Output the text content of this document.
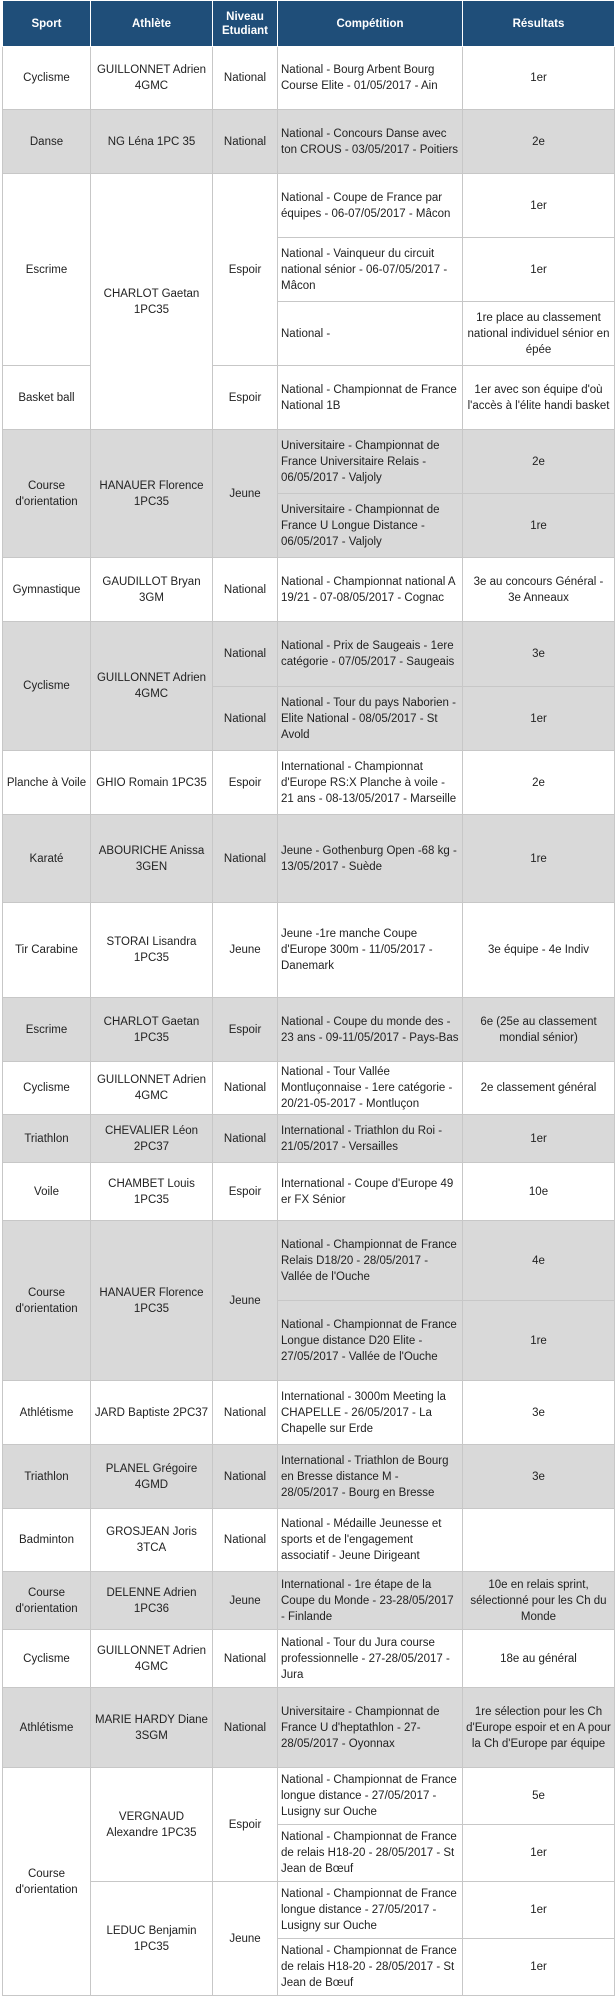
Sport	Athlète	Niveau Etudiant	Compétition	Résultats
Cyclisme	GUILLONNET Adrien 4GMC	National	National - Bourg Arbent Bourg Course Elite - 01/05/2017 - Ain	1er
Danse	NG Léna 1PC 35	National	National - Concours Danse avec ton CROUS - 03/05/2017 - Poitiers	2e
Escrime	CHARLOT Gaetan 1PC35	Espoir	National - Coupe de France par équipes - 06-07/05/2017 - Mâcon	1er
			National - Vainqueur du circuit national sénior - 06-07/05/2017 - Mâcon	1er
			National -	1re place au classement national individuel sénior en épée
Basket ball		Espoir	National - Championnat de France National 1B	1er avec son équipe d'où l'accès à l'élite handi basket
Course d'orientation	HANAUER Florence 1PC35	Jeune	Universitaire - Championnat de France Universitaire Relais - 06/05/2017 - Valjoly	2e
			Universitaire - Championnat de France U Longue Distance - 06/05/2017 - Valjoly	1re
Gymnastique	GAUDILLOT Bryan 3GM	National	National - Championnat national A 19/21 - 07-08/05/2017 - Cognac	3e au concours Général - 3e Anneaux
Cyclisme	GUILLONNET Adrien 4GMC	National	National - Prix de Saugeais - 1ere catégorie - 07/05/2017 - Saugeais	3e
		National	National - Tour du pays Naborien - Elite National - 08/05/2017 - St Avold	1er
Planche à Voile	GHIO Romain 1PC35	Espoir	International - Championnat d'Europe RS:X Planche à voile - 21 ans - 08-13/05/2017 - Marseille	2e
Karaté	ABOURICHE Anissa 3GEN	National	Jeune - Gothenburg Open -68 kg - 13/05/2017 - Suède	1re
Tir Carabine	STORAI Lisandra 1PC35	Jeune	Jeune -1re manche Coupe d'Europe 300m - 11/05/2017 - Danemark	3e équipe - 4e Indiv
Escrime	CHARLOT Gaetan 1PC35	Espoir	National - Coupe du monde des - 23 ans - 09-11/05/2017 - Pays-Bas	6e (25e au classement mondial sénior)
Cyclisme	GUILLONNET Adrien 4GMC	National	National - Tour Vallée Montluçonnaise - 1ere catégorie - 20/21-05-2017 - Montluçon	2e classement général
Triathlon	CHEVALIER Léon 2PC37	National	International - Triathlon du Roi - 21/05/2017 - Versailles	1er
Voile	CHAMBET Louis 1PC35	Espoir	International - Coupe d'Europe 49 er FX Sénior	10e
Course d'orientation	HANAUER Florence 1PC35	Jeune	National - Championnat de France Relais D18/20 - 28/05/2017 - Vallée de l'Ouche	4e
			National - Championnat de France Longue distance D20 Elite - 27/05/2017 - Vallée de l'Ouche	1re
Athlétisme	JARD Baptiste 2PC37	National	International - 3000m Meeting la CHAPELLE - 26/05/2017 - La Chapelle sur Erde	3e
Triathlon	PLANEL Grégoire 4GMD	National	International - Triathlon de Bourg en Bresse distance M - 28/05/2017 - Bourg en Bresse	3e
Badminton	GROSJEAN Joris 3TCA	National	National - Médaille Jeunesse et sports et de l'engagement associatif - Jeune Dirigeant	
Course d'orientation	DELENNE Adrien 1PC36	Jeune	International - 1re étape de la Coupe du Monde - 23-28/05/2017 - Finlande	10e en relais sprint, sélectionné pour les Ch du Monde
Cyclisme	GUILLONNET Adrien 4GMC	National	National - Tour du Jura course professionnelle - 27-28/05/2017 - Jura	18e au général
Athlétisme	MARIE HARDY Diane 3SGM	National	Universitaire - Championnat de France U d'heptathlon - 27-28/05/2017 - Oyonnax	1re sélection pour les Ch d'Europe espoir et en A pour la Ch d'Europe par équipe
Course d'orientation	VERGNAUD Alexandre 1PC35	Espoir	National - Championnat de France longue distance - 27/05/2017 - Lusigny sur Ouche	5e
			National - Championnat de France de relais H18-20 - 28/05/2017 - St Jean de Bœuf	1er
	LEDUC Benjamin 1PC35	Jeune	National - Championnat de France longue distance - 27/05/2017 - Lusigny sur Ouche	1er
			National - Championnat de France de relais H18-20 - 28/05/2017 - St Jean de Bœuf	1er
